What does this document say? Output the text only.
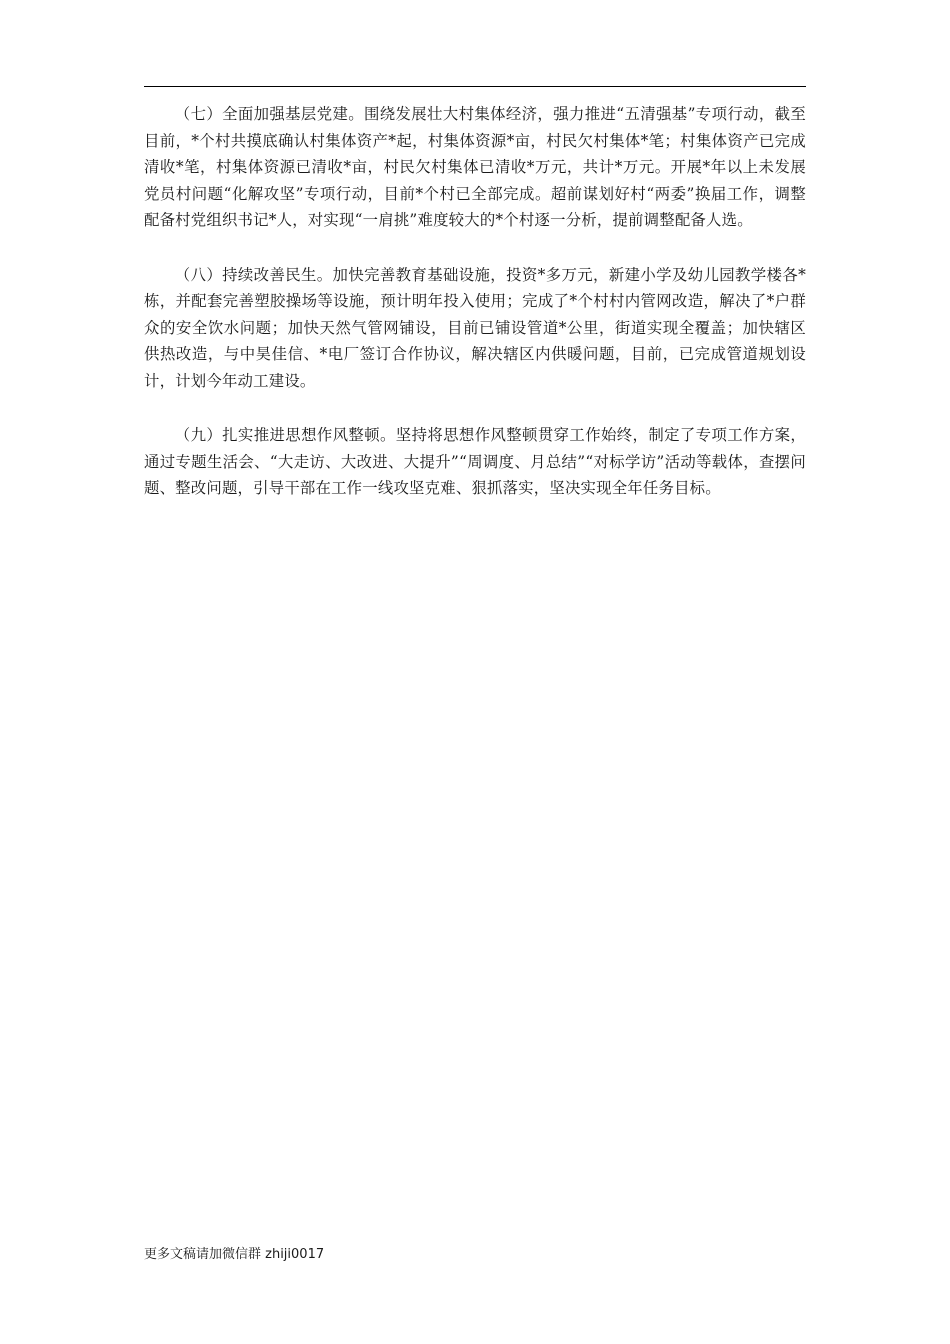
（七）全面加强基层党建。围绕发展壮大村集体经济，强力推进“五清强基”专项行动，截至目前，*个村共摸底确认村集体资产*起，村集体资源*亩，村民欠村集体*笔；村集体资产已完成清收*笔，村集体资源已清收*亩，村民欠村集体已清收*万元，共计*万元。开展*年以上未发展党员村问题“化解攻坚”专项行动，目前*个村已全部完成。超前谋划好村“两委”换届工作，调整配备村党组织书记*人，对实现“一肩挑”难度较大的*个村逐一分析，提前调整配备人选。

（八）持续改善民生。加快完善教育基础设施，投资*多万元，新建小学及幼儿园教学楼各*栋，并配套完善塑胶操场等设施，预计明年投入使用；完成了*个村村内管网改造，解决了*户群众的安全饮水问题；加快天然气管网铺设，目前已铺设管道*公里，街道实现全覆盖；加快辖区供热改造，与中昊佳信、*电厂签订合作协议，解决辖区内供暖问题，目前，已完成管道规划设计，计划今年动工建设。

（九）扎实推进思想作风整顿。坚持将思想作风整顿贯穿工作始终，制定了专项工作方案，通过专题生活会、“大走访、大改进、大提升”“周调度、月总结”“对标学访”活动等载体，查摆问题、整改问题，引导干部在工作一线攻坚克难、狠抓落实，坚决实现全年任务目标。

更多文稿请加微信群 zhiji0017
